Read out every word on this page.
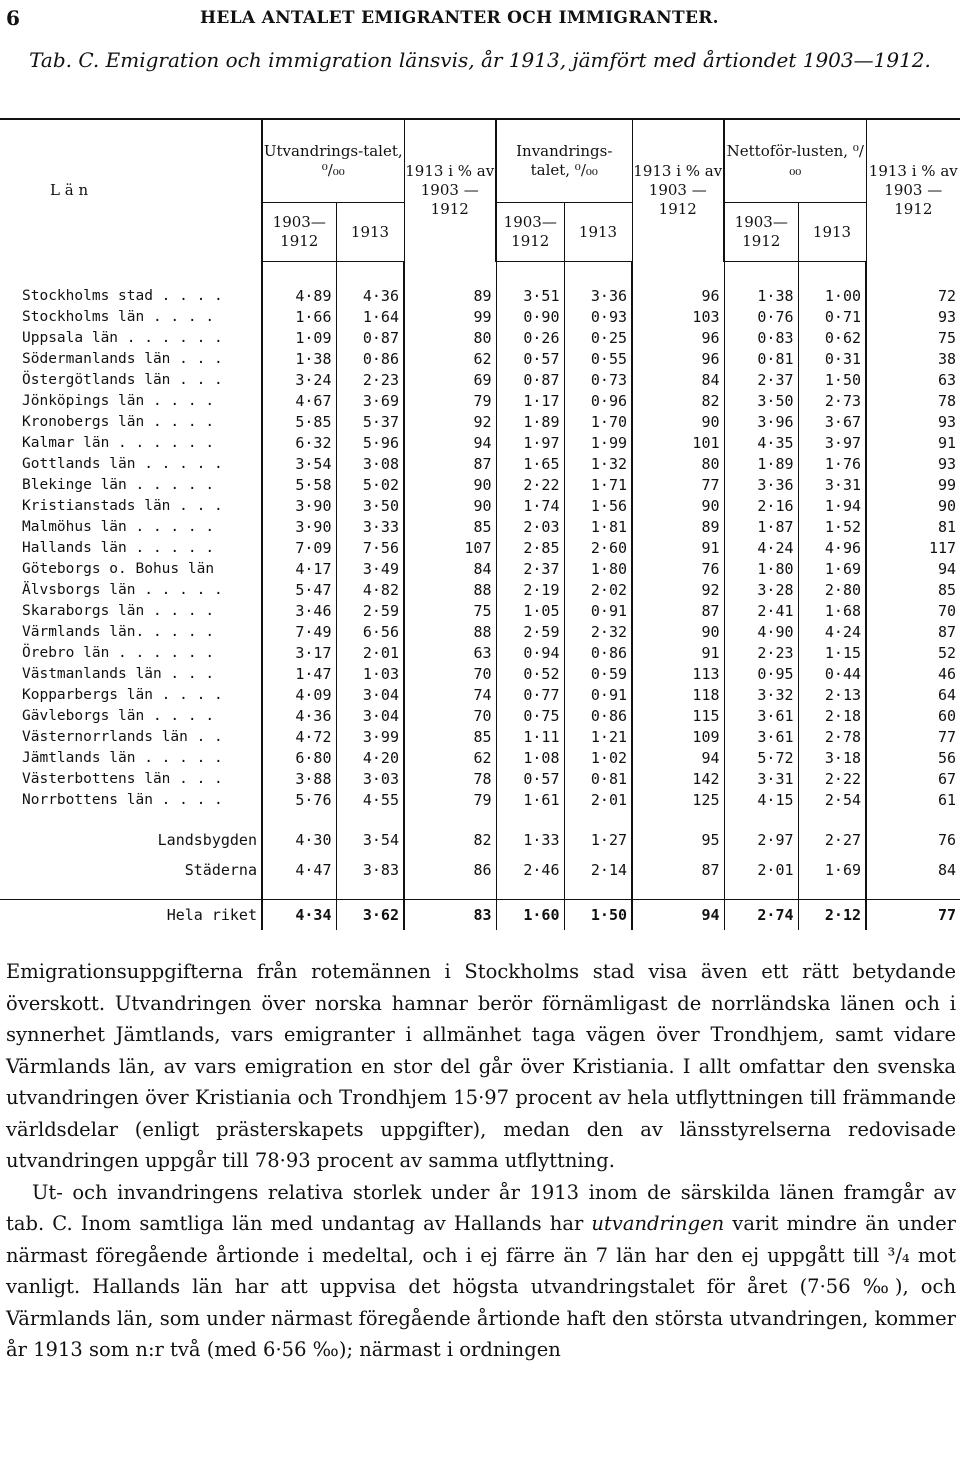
6	HELA ANTALET EMIGRANTER OCH IMMIGRANTER.
Tab. C. Emigration och immigration länsvis, år 1913, jämfört med årtiondet 1903—1912.
L ä n	Utvandrings-talet, ⁰/₀₀		1913 i % av 1903 —1912	Invandrings-talet, ⁰/₀₀		1913 i % av 1903 —1912	Nettoför-lusten, ⁰/₀₀		1913 i % av 1903 —1912
	1903— 1912	1913		1903— 1912	1913		1903— 1912	1913	

Stockholms stad . . . .	4·89	4·36	89	3·51	3·36	96	1·38	1·00	72
Stockholms län . . . .	1·66	1·64	99	0·90	0·93	103	0·76	0·71	93
Uppsala län . . . . . .	1·09	0·87	80	0·26	0·25	96	0·83	0·62	75
Södermanlands län . . .	1·38	0·86	62	0·57	0·55	96	0·81	0·31	38
Östergötlands län . . .	3·24	2·23	69	0·87	0·73	84	2·37	1·50	63
Jönköpings län . . . .	4·67	3·69	79	1·17	0·96	82	3·50	2·73	78
Kronobergs län . . . .	5·85	5·37	92	1·89	1·70	90	3·96	3·67	93
Kalmar län . . . . . .	6·32	5·96	94	1·97	1·99	101	4·35	3·97	91
Gottlands län . . . . .	3·54	3·08	87	1·65	1·32	80	1·89	1·76	93
Blekinge län . . . . .	5·58	5·02	90	2·22	1·71	77	3·36	3·31	99
Kristianstads län . . .	3·90	3·50	90	1·74	1·56	90	2·16	1·94	90
Malmöhus län . . . . .	3·90	3·33	85	2·03	1·81	89	1·87	1·52	81
Hallands län . . . . .	7·09	7·56	107	2·85	2·60	91	4·24	4·96	117
Göteborgs o. Bohus län	4·17	3·49	84	2·37	1·80	76	1·80	1·69	94
Älvsborgs län . . . . .	5·47	4·82	88	2·19	2·02	92	3·28	2·80	85
Skaraborgs län . . . .	3·46	2·59	75	1·05	0·91	87	2·41	1·68	70
Värmlands län. . . . .	7·49	6·56	88	2·59	2·32	90	4·90	4·24	87
Örebro län . . . . . .	3·17	2·01	63	0·94	0·86	91	2·23	1·15	52
Västmanlands län . . .	1·47	1·03	70	0·52	0·59	113	0·95	0·44	46
Kopparbergs län . . . .	4·09	3·04	74	0·77	0·91	118	3·32	2·13	64
Gävleborgs län . . . .	4·36	3·04	70	0·75	0·86	115	3·61	2·18	60
Västernorrlands län . .	4·72	3·99	85	1·11	1·21	109	3·61	2·78	77
Jämtlands län . . . . .	6·80	4·20	62	1·08	1·02	94	5·72	3·18	56
Västerbottens län . . .	3·88	3·03	78	0·57	0·81	142	3·31	2·22	67
Norrbottens län . . . .	5·76	4·55	79	1·61	2·01	125	4·15	2·54	61

Landsbygden	4·30	3·54	82	1·33	1·27	95	2·97	2·27	76
Städerna	4·47	3·83	86	2·46	2·14	87	2·01	1·69	84

Hela riket	4·34	3·62	83	1·60	1·50	94	2·74	2·12	77

Emigrationsuppgifterna från rotemännen i Stockholms stad visa även ett rätt betydande överskott. Utvandringen över norska hamnar berör förnämligast de norrländska länen och i synnerhet Jämtlands, vars emigranter i allmänhet taga vägen över Trondhjem, samt vidare Värmlands län, av vars emigration en stor del går över Kristiania. I allt omfattar den svenska utvandringen över Kristiania och Trondhjem 15·97 procent av hela utflyttningen till främmande världsdelar (enligt prästerskapets uppgifter), medan den av länsstyrelserna redovisade utvandringen uppgår till 78·93 procent av samma utflyttning.

Ut- och invandringens relativa storlek under år 1913 inom de särskilda länen framgår av tab. C. Inom samtliga län med undantag av Hallands har utvandringen varit mindre än under närmast föregående årtionde i medeltal, och i ej färre än 7 län har den ej uppgått till ³/₄ mot vanligt. Hallands län har att uppvisa det högsta utvandringstalet för året (7·56 ‰), och Värmlands län, som under närmast föregående årtionde haft den största utvandringen, kommer år 1913 som n:r två (med 6·56 ‰); närmast i ordningen
